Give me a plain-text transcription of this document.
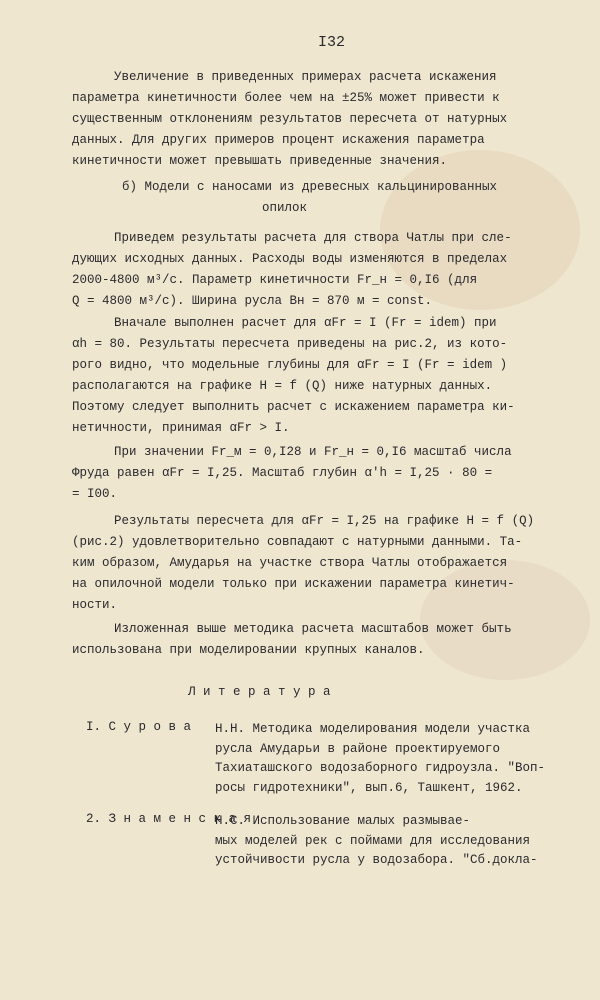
I32
Увеличение в приведенных примерах расчета искажения
параметра кинетичности более чем на ±25% может привести к
существенным отклонениям результатов пересчета от натурных
данных. Для других примеров процент искажения параметра
кинетичности может превышать приведенные значения.
б) Модели с наносами из древесных кальцинированных
опилок
Приведем результаты расчета для створа Чатлы при сле-
дующих исходных данных. Расходы воды изменяются в пределах
2000-4800 м³/с. Параметр кинетичности Fr_н = 0,I6 (для
Q = 4800 м³/с). Ширина русла Вн = 870 м = const.
Вначале выполнен расчет для αFr = I (Fr = idem) при
αh = 80. Результаты пересчета приведены на рис.2, из кото-
рого видно, что модельные глубины для αFr = I (Fr = idem )
располагаются на графике H = f (Q) ниже натурных данных.
Поэтому следует выполнить расчет с искажением параметра ки-
нетичности, принимая αFr > I.
При значении Fr_м = 0,I28 и Fr_н = 0,I6 масштаб числа
Фруда равен αFr = I,25. Масштаб глубин α'h = I,25 · 80 =
= I00.
Результаты пересчета для αFr = I,25 на графике H = f (Q)
(рис.2) удовлетворительно совпадают с натурными данными. Та-
ким образом, Амударья на участке створа Чатлы отображается
на опилочной модели только при искажении параметра кинетич-
ности.
Изложенная выше методика расчета масштабов может быть
использована при моделировании крупных каналов.
Л и т е р а т у р а
I. С у р о в а Н.Н. Методика моделирования модели участка
русла Амударьи в районе проектируемого
Тахиаташского водозаборного гидроузла. "Воп-
росы гидротехники", вып.6, Ташкент, 1962.
2. З н а м е н с к а я
Н.С. Использование малых размывае-
мых моделей рек с поймами для исследования
устойчивости русла у водозабора. "Сб.докла-
